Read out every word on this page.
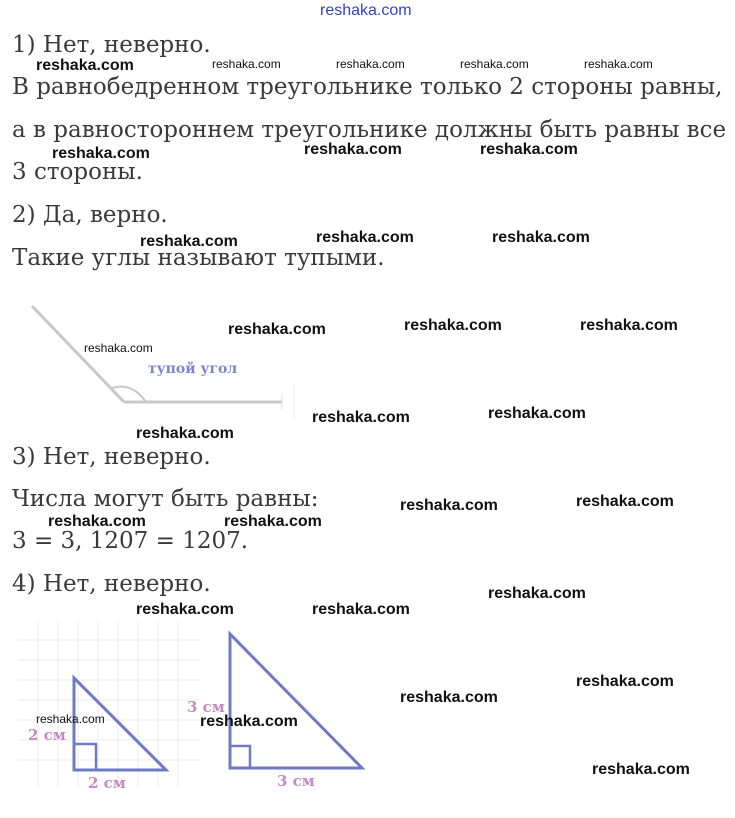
reshaka.com

1) Нет, неверно.

В равнобедренном треугольнике только 2 стороны равны,

а в равностороннем треугольнике должны быть равны все

3 стороны.

2) Да, верно.

Такие углы называют тупыми.

3) Нет, неверно.

Числа могут быть равны:

3 = 3, 1207 = 1207.

4) Нет, неверно.

тупой угол
2 см
2 см
3 см
3 см
reshaka.com	reshaka.com	reshaka.com	reshaka.com	reshaka.com
reshaka.com	reshaka.com	reshaka.com
reshaka.com	reshaka.com	reshaka.com
reshaka.com	reshaka.com	reshaka.com
reshaka.com
reshaka.com	reshaka.com
reshaka.com
reshaka.com	reshaka.com
reshaka.com	reshaka.com
reshaka.com
reshaka.com	reshaka.com
reshaka.com
reshaka.com
reshaka.com	reshaka.com
reshaka.com
